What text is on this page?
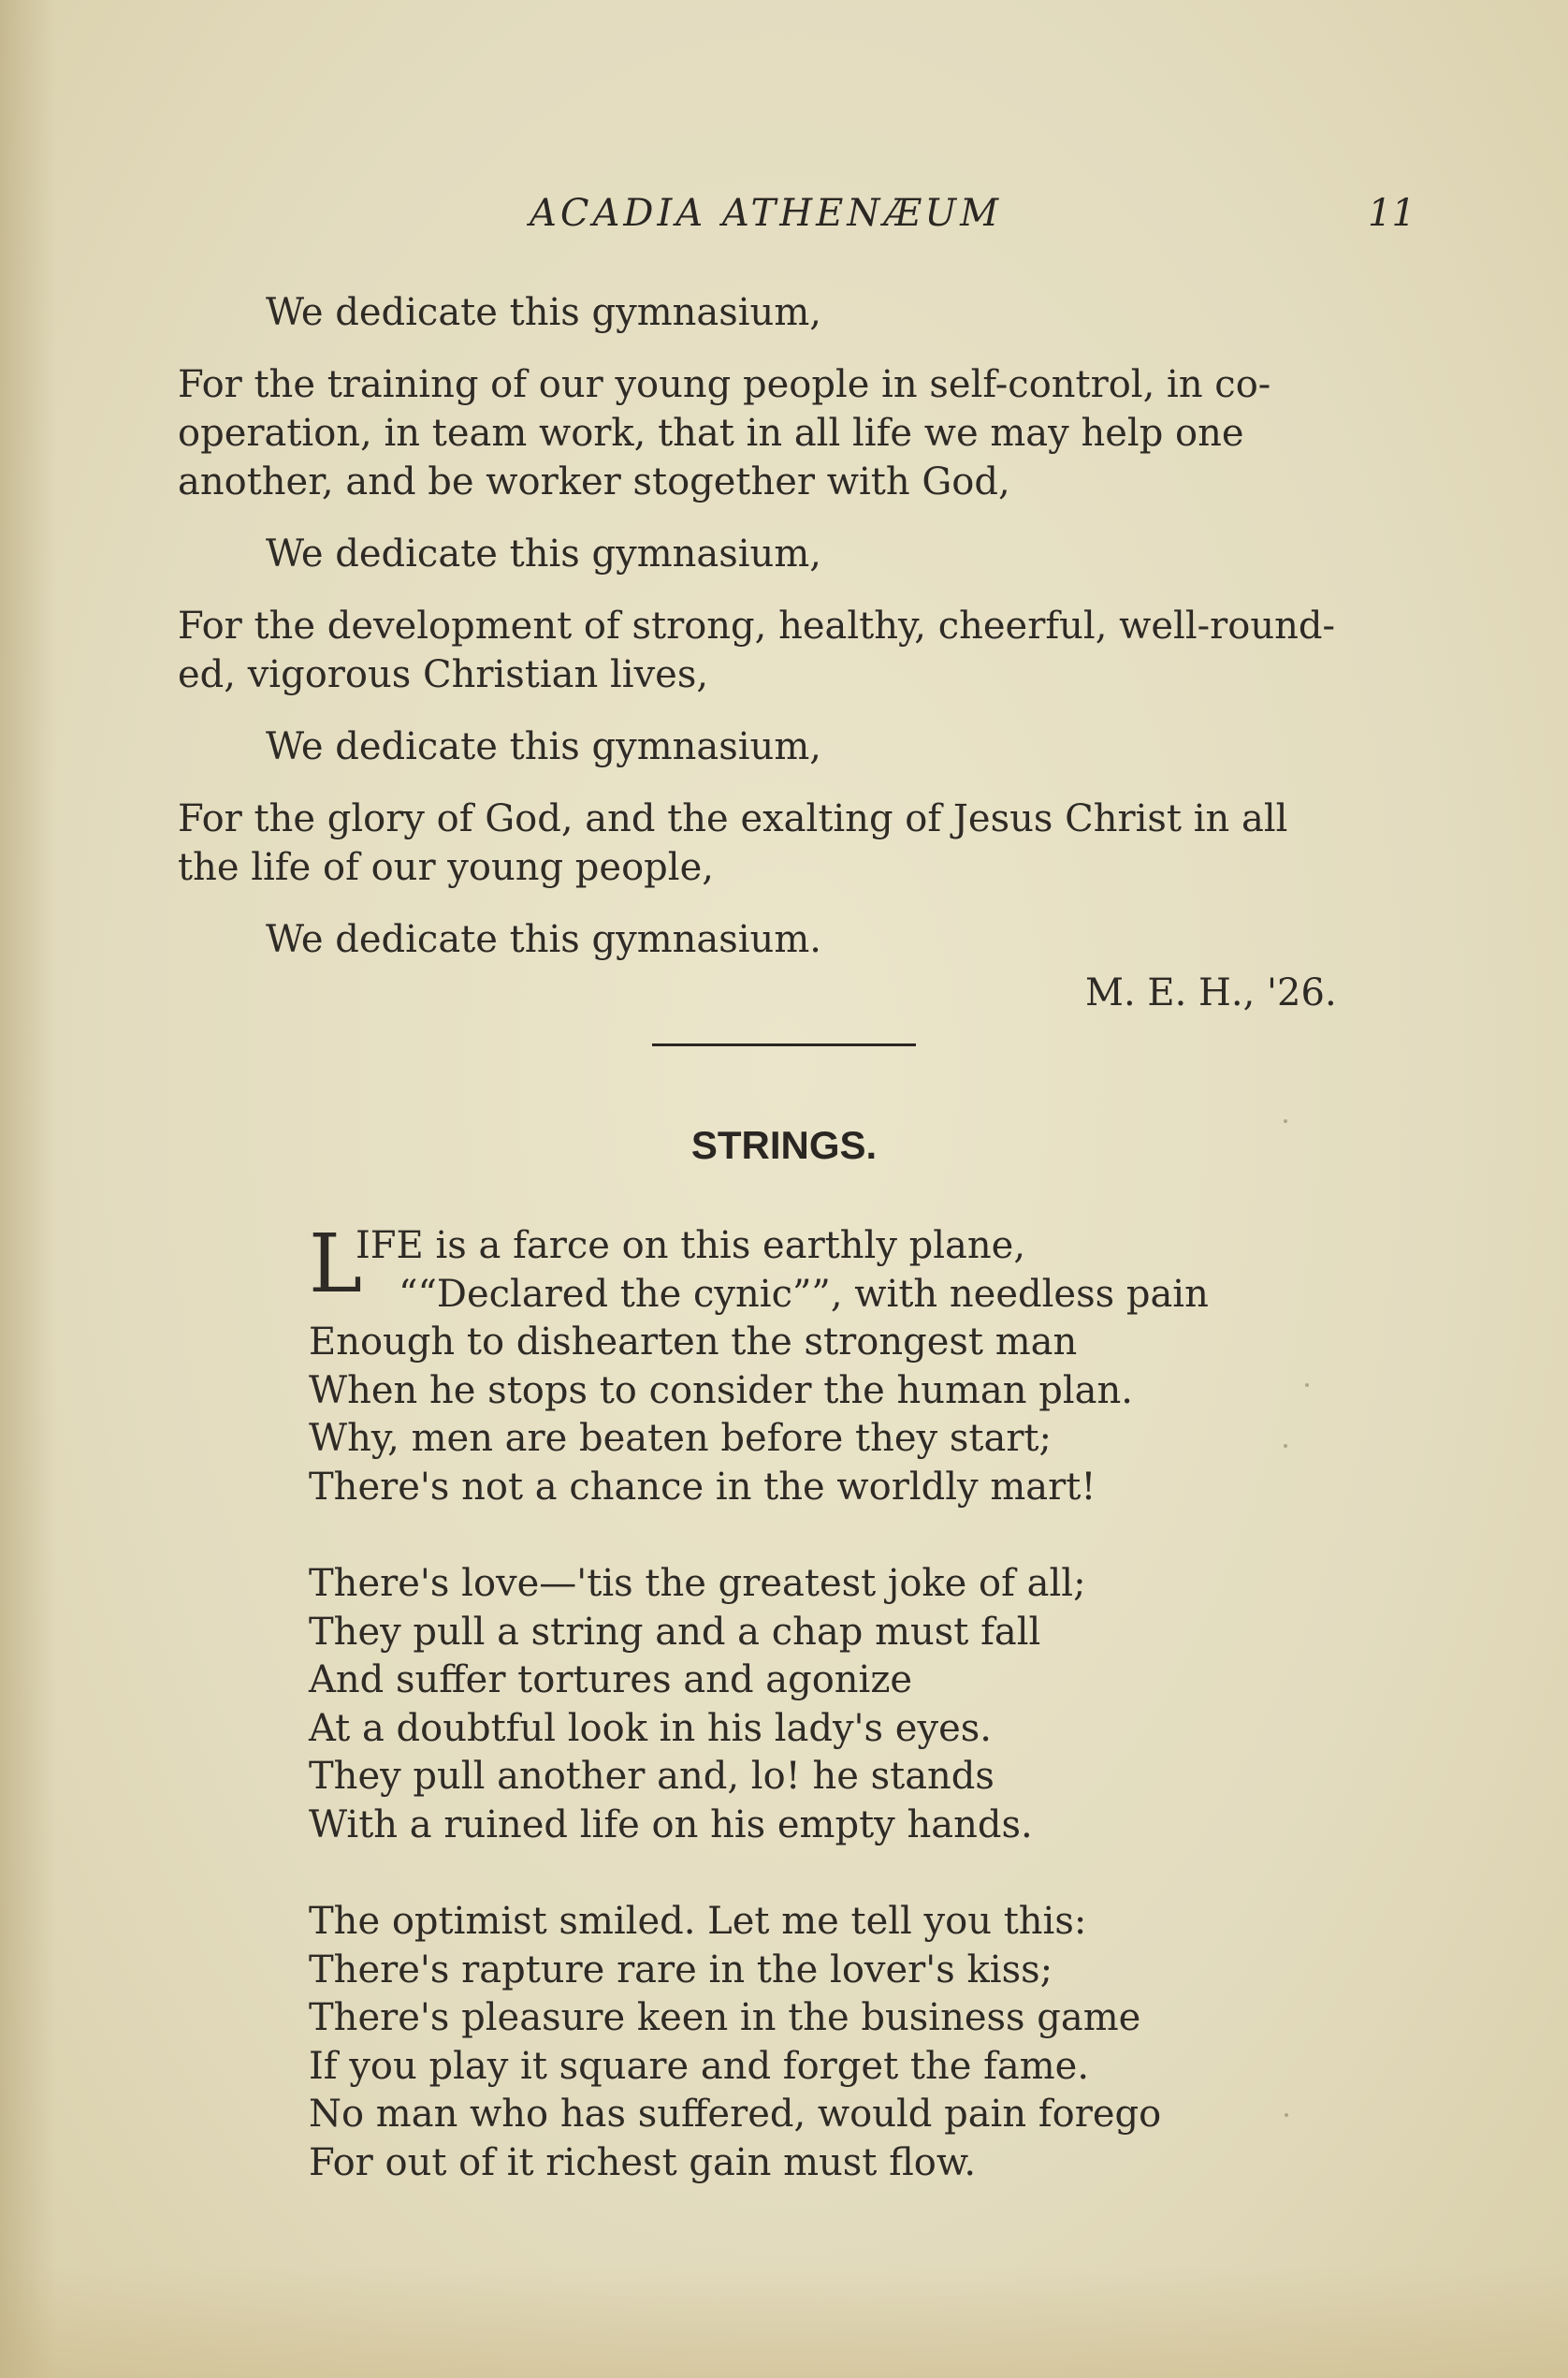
ACADIA ATHENÆUM	11
We dedicate this gymnasium,
For the training of our young people in self-control, in co-
operation, in team work, that in all life we may help one
another, and be worker stogether with God,
We dedicate this gymnasium,
For the development of strong, healthy, cheerful, well-round-
ed, vigorous Christian lives,
We dedicate this gymnasium,
For the glory of God, and the exalting of Jesus Christ in all
the life of our young people,
We dedicate this gymnasium.
M. E. H., '26.
STRINGS.
L
IFE is a farce on this earthly plane,
““Declared the cynic””, with needless pain
Enough to dishearten the strongest man
When he stops to consider the human plan.
Why, men are beaten before they start;
There's not a chance in the worldly mart!
There's love—'tis the greatest joke of all;
They pull a string and a chap must fall
And suffer tortures and agonize
At a doubtful look in his lady's eyes.
They pull another and, lo! he stands
With a ruined life on his empty hands.
The optimist smiled. Let me tell you this:
There's rapture rare in the lover's kiss;
There's pleasure keen in the business game
If you play it square and forget the fame.
No man who has suffered, would pain forego
For out of it richest gain must flow.
